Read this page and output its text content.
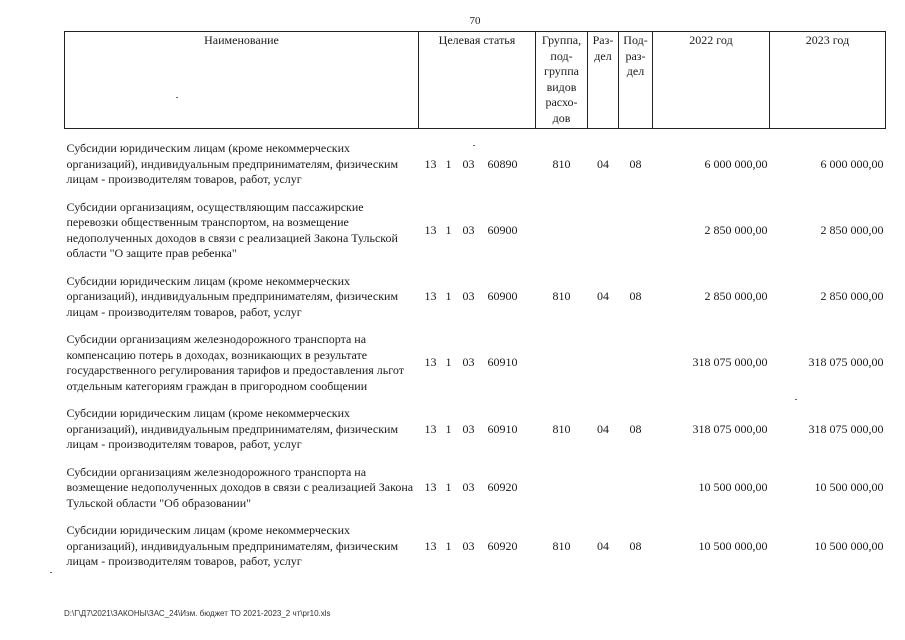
70
Наименование	Целевая статья	Группа, под-группа видов расхо-дов	Раз-дел	Под-раз-дел	2022 год	2023 год

Субсидии юридическим лицам (кроме некоммерческих организаций), индивидуальным предпринимателям, физическим лицам - производителям товаров, работ, услуг	13 1 03 60890	810	04	08	6 000 000,00	6 000 000,00

Субсидии организациям, осуществляющим пассажирские перевозки общественным транспортом, на возмещение недополученных доходов в связи с реализацией Закона Тульской области "О защите прав ребенка"	13 1 03 60900				2 850 000,00	2 850 000,00

Субсидии юридическим лицам (кроме некоммерческих организаций), индивидуальным предпринимателям, физическим лицам - производителям товаров, работ, услуг	13 1 03 60900	810	04	08	2 850 000,00	2 850 000,00

Субсидии организациям железнодорожного транспорта на компенсацию потерь в доходах, возникающих в результате государственного регулирования тарифов и предоставления льгот отдельным категориям граждан в пригородном сообщении	13 1 03 60910				318 075 000,00	318 075 000,00

Субсидии юридическим лицам (кроме некоммерческих организаций), индивидуальным предпринимателям, физическим лицам - производителям товаров, работ, услуг	13 1 03 60910	810	04	08	318 075 000,00	318 075 000,00

Субсидии организациям железнодорожного транспорта на возмещение недополученных доходов в связи с реализацией Закона Тульской области "Об образовании"	13 1 03 60920				10 500 000,00	10 500 000,00

Субсидии юридическим лицам (кроме некоммерческих организаций), индивидуальным предпринимателям, физическим лицам - производителям товаров, работ, услуг	13 1 03 60920	810	04	08	10 500 000,00	10 500 000,00
D:\Г\Д7\2021\ЗАКОНЫ\ЗАС_24\Изм. бюджет ТО 2021-2023_2 чт\pr10.xls
